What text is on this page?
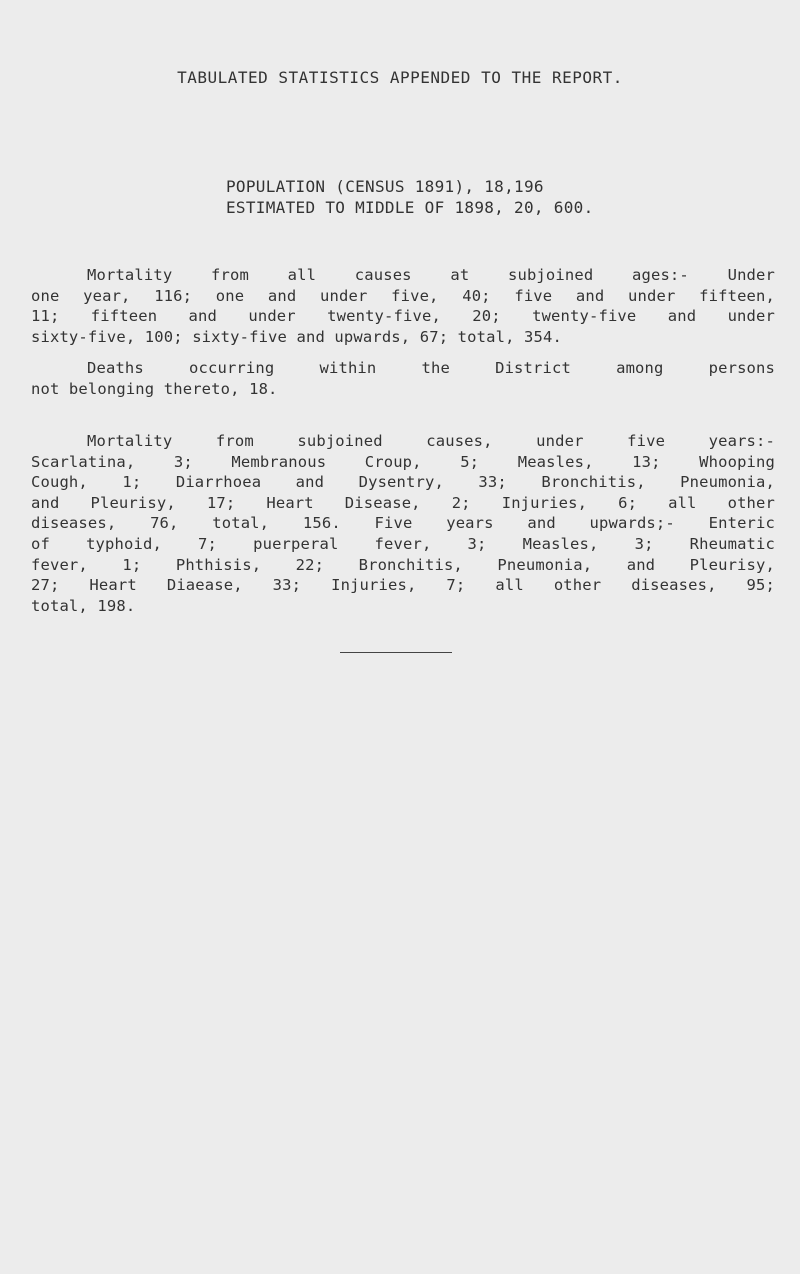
TABULATED STATISTICS APPENDED TO THE REPORT.
POPULATION (CENSUS 1891), 18,196
ESTIMATED TO MIDDLE OF 1898, 20, 600.
Mortality from all causes at subjoined ages:- Under
one year, 116; one and under five, 40; five and under fifteen,
11; fifteen and under twenty-five, 20; twenty-five and under
sixty-five, 100; sixty-five and upwards, 67; total, 354.
Deaths occurring within the District among persons
not belonging thereto, 18.
Mortality from subjoined causes, under five years:-
Scarlatina, 3; Membranous Croup, 5; Measles, 13; Whooping
Cough, 1; Diarrhoea and Dysentry, 33; Bronchitis, Pneumonia,
and Pleurisy, 17; Heart Disease, 2; Injuries, 6; all other
diseases, 76, total, 156. Five years and upwards;- Enteric
of typhoid, 7; puerperal fever, 3; Measles, 3; Rheumatic
fever, 1; Phthisis, 22; Bronchitis, Pneumonia, and Pleurisy,
27; Heart Diaease, 33; Injuries, 7; all other diseases, 95;
total, 198.
